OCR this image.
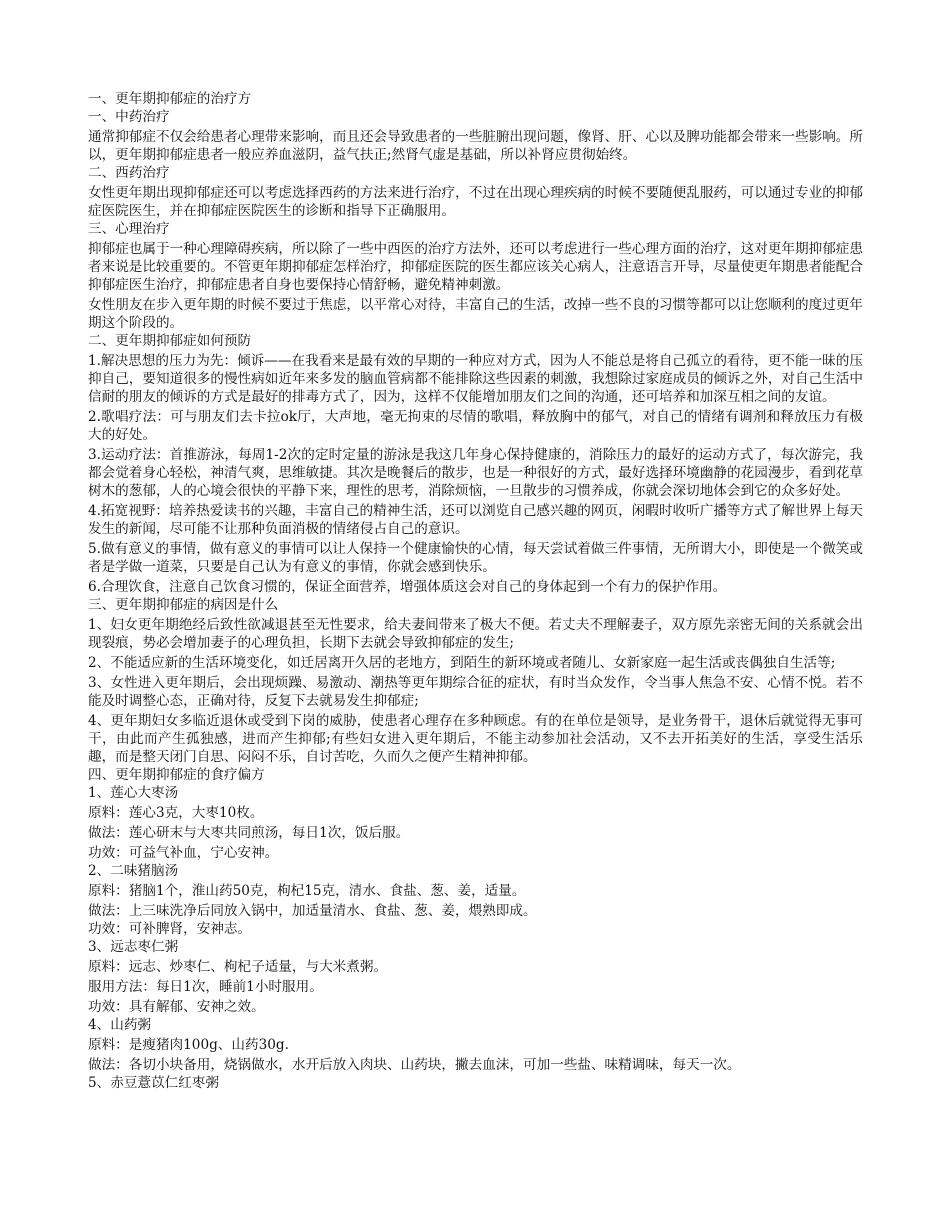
一、更年期抑郁症的治疗方
一、中药治疗
通常抑郁症不仅会给患者心理带来影响，而且还会导致患者的一些脏腑出现问题，像肾、肝、心以及脾功能都会带来一些影响。所以，更年期抑郁症患者一般应养血滋阴，益气扶正;然肾气虚是基础，所以补肾应贯彻始终。
二、西药治疗
女性更年期出现抑郁症还可以考虑选择西药的方法来进行治疗，不过在出现心理疾病的时候不要随便乱服药，可以通过专业的抑郁症医院医生，并在抑郁症医院医生的诊断和指导下正确服用。
三、心理治疗
抑郁症也属于一种心理障碍疾病，所以除了一些中西医的治疗方法外，还可以考虑进行一些心理方面的治疗，这对更年期抑郁症患者来说是比较重要的。不管更年期抑郁症怎样治疗，抑郁症医院的医生都应该关心病人，注意语言开导，尽量使更年期患者能配合抑郁症医生治疗，抑郁症患者自身也要保持心情舒畅，避免精神刺激。
女性朋友在步入更年期的时候不要过于焦虑，以平常心对待，丰富自己的生活，改掉一些不良的习惯等都可以让您顺利的度过更年期这个阶段的。
二、更年期抑郁症如何预防
1.解决思想的压力为先：倾诉——在我看来是最有效的早期的一种应对方式，因为人不能总是将自己孤立的看待，更不能一昧的压抑自己，要知道很多的慢性病如近年来多发的脑血管病都不能排除这些因素的刺激，我想除过家庭成员的倾诉之外，对自己生活中信耐的朋友的倾诉的方式是最好的排毒方式了，因为，这样不仅能增加朋友们之间的沟通，还可培养和加深互相之间的友谊。
2.歌唱疗法：可与朋友们去卡拉ok厅，大声地，毫无拘束的尽情的歌唱，释放胸中的郁气，对自己的情绪有调剂和释放压力有极大的好处。
3.运动疗法：首推游泳，每周1-2次的定时定量的游泳是我这几年身心保持健康的，消除压力的最好的运动方式了，每次游完，我都会觉着身心轻松，神清气爽，思维敏捷。其次是晚餐后的散步，也是一种很好的方式，最好选择环境幽静的花园漫步，看到花草树木的葱郁，人的心境会很快的平静下来，理性的思考，消除烦恼，一旦散步的习惯养成，你就会深切地体会到它的众多好处。
4.拓宽视野：培养热爱读书的兴趣，丰富自己的精神生活，还可以浏览自己感兴趣的网页，闲暇时收听广播等方式了解世界上每天发生的新闻，尽可能不让那种负面消极的情绪侵占自己的意识。
5.做有意义的事情，做有意义的事情可以让人保持一个健康愉快的心情，每天尝试着做三件事情，无所谓大小，即使是一个微笑或者是学做一道菜，只要是自己认为有意义的事情，你就会感到快乐。
6.合理饮食，注意自己饮食习惯的，保证全面营养，增强体质这会对自己的身体起到一个有力的保护作用。
三、更年期抑郁症的病因是什么
1、妇女更年期绝经后致性欲减退甚至无性要求，给夫妻间带来了极大不便。若丈夫不理解妻子，双方原先亲密无间的关系就会出现裂痕，势必会增加妻子的心理负担，长期下去就会导致抑郁症的发生;
2、不能适应新的生活环境变化，如迁居离开久居的老地方，到陌生的新环境或者随儿、女新家庭一起生活或丧偶独自生活等;
3、女性进入更年期后，会出现烦躁、易激动、潮热等更年期综合征的症状，有时当众发作，令当事人焦急不安、心情不悦。若不能及时调整心态，正确对待，反复下去就易发生抑郁症;
4、更年期妇女多临近退休或受到下岗的威胁，使患者心理存在多种顾虑。有的在单位是领导，是业务骨干，退休后就觉得无事可干，由此而产生孤独感，进而产生抑郁;有些妇女进入更年期后，不能主动参加社会活动，又不去开拓美好的生活，享受生活乐趣，而是整天闭门自思、闷闷不乐，自讨苦吃，久而久之便产生精神抑郁。
四、更年期抑郁症的食疗偏方
1、莲心大枣汤
原料：莲心3克，大枣10枚。
做法：莲心研末与大枣共同煎汤，每日1次，饭后服。
功效：可益气补血，宁心安神。
2、二味猪脑汤
原料：猪脑1个，淮山药50克，枸杞15克，清水、食盐、葱、姜，适量。
做法：上三味洗净后同放入锅中，加适量清水、食盐、葱、姜，煨熟即成。
功效：可补脾肾，安神志。
3、远志枣仁粥
原料：远志、炒枣仁、枸杞子适量，与大米煮粥。
服用方法：每日1次，睡前1小时服用。
功效：具有解郁、安神之效。
4、山药粥
原料：是瘦猪肉100g、山药30g.
做法：各切小块备用，烧锅做水，水开后放入肉块、山药块，撇去血沫，可加一些盐、味精调味，每天一次。
5、赤豆薏苡仁红枣粥
